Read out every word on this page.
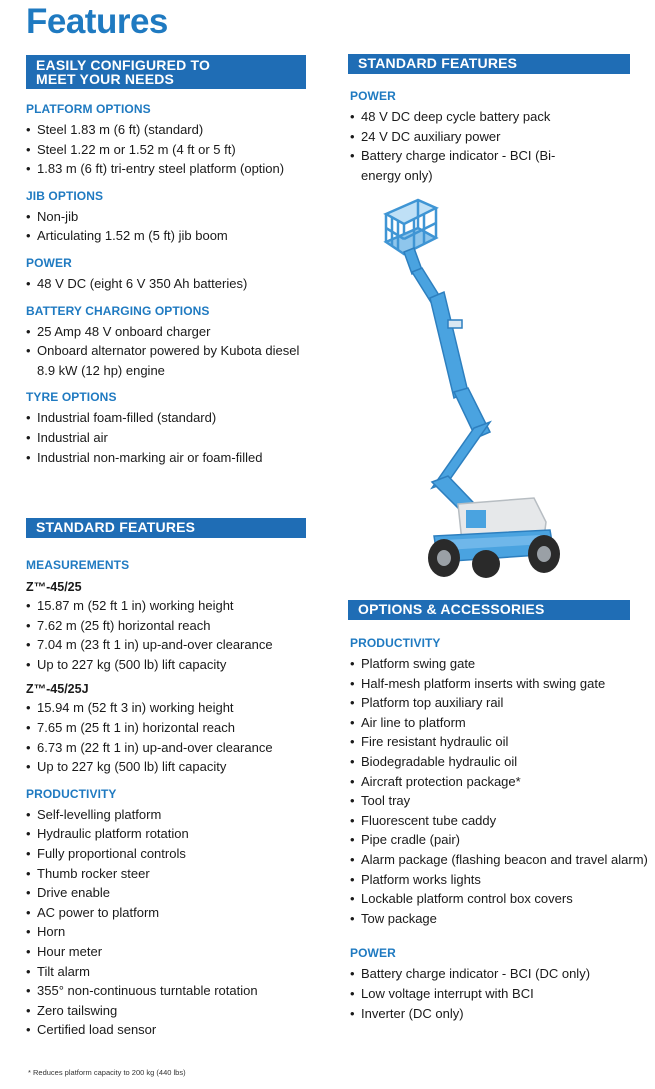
Features
EASILY CONFIGURED TO MEET YOUR NEEDS
PLATFORM OPTIONS
• Steel 1.83 m (6 ft) (standard)
• Steel 1.22 m or 1.52 m (4 ft or 5 ft)
• 1.83 m (6 ft) tri-entry steel platform (option)
JIB OPTIONS
• Non-jib
• Articulating 1.52 m (5 ft) jib boom
POWER
• 48 V DC (eight 6 V 350 Ah batteries)
BATTERY CHARGING OPTIONS
• 25 Amp 48 V onboard charger
• Onboard alternator powered by Kubota diesel 8.9 kW (12 hp) engine
TYRE OPTIONS
• Industrial foam-filled (standard)
• Industrial air
• Industrial non-marking air or foam-filled
STANDARD FEATURES
MEASUREMENTS
Z™-45/25
• 15.87 m (52 ft 1 in) working height
• 7.62 m (25 ft) horizontal reach
• 7.04 m (23 ft 1 in) up-and-over clearance
• Up to 227 kg (500 lb) lift capacity
Z™-45/25J
• 15.94 m (52 ft 3 in) working height
• 7.65 m (25 ft 1 in) horizontal reach
• 6.73 m (22 ft 1 in) up-and-over clearance
• Up to 227 kg (500 lb) lift capacity
PRODUCTIVITY
• Self-levelling platform
• Hydraulic platform rotation
• Fully proportional controls
• Thumb rocker steer
• Drive enable
• AC power to platform
• Horn
• Hour meter
• Tilt alarm
• 355° non-continuous turntable rotation
• Zero tailswing
• Certified load sensor
* Reduces platform capacity to 200 kg (440 lbs)
STANDARD FEATURES
POWER
• 48 V DC deep cycle battery pack
• 24 V DC auxiliary power
• Battery charge indicator - BCI (Bi-energy only)
OPTIONS & ACCESSORIES
PRODUCTIVITY
• Platform swing gate
• Half-mesh platform inserts with swing gate
• Platform top auxiliary rail
• Air line to platform
• Fire resistant hydraulic oil
• Biodegradable hydraulic oil
• Aircraft protection package*
• Tool tray
• Fluorescent tube caddy
• Pipe cradle (pair)
• Alarm package (flashing beacon and travel alarm)
• Platform works lights
• Lockable platform control box covers
• Tow package
POWER
• Battery charge indicator - BCI (DC only)
• Low voltage interrupt with BCI
• Inverter (DC only)
